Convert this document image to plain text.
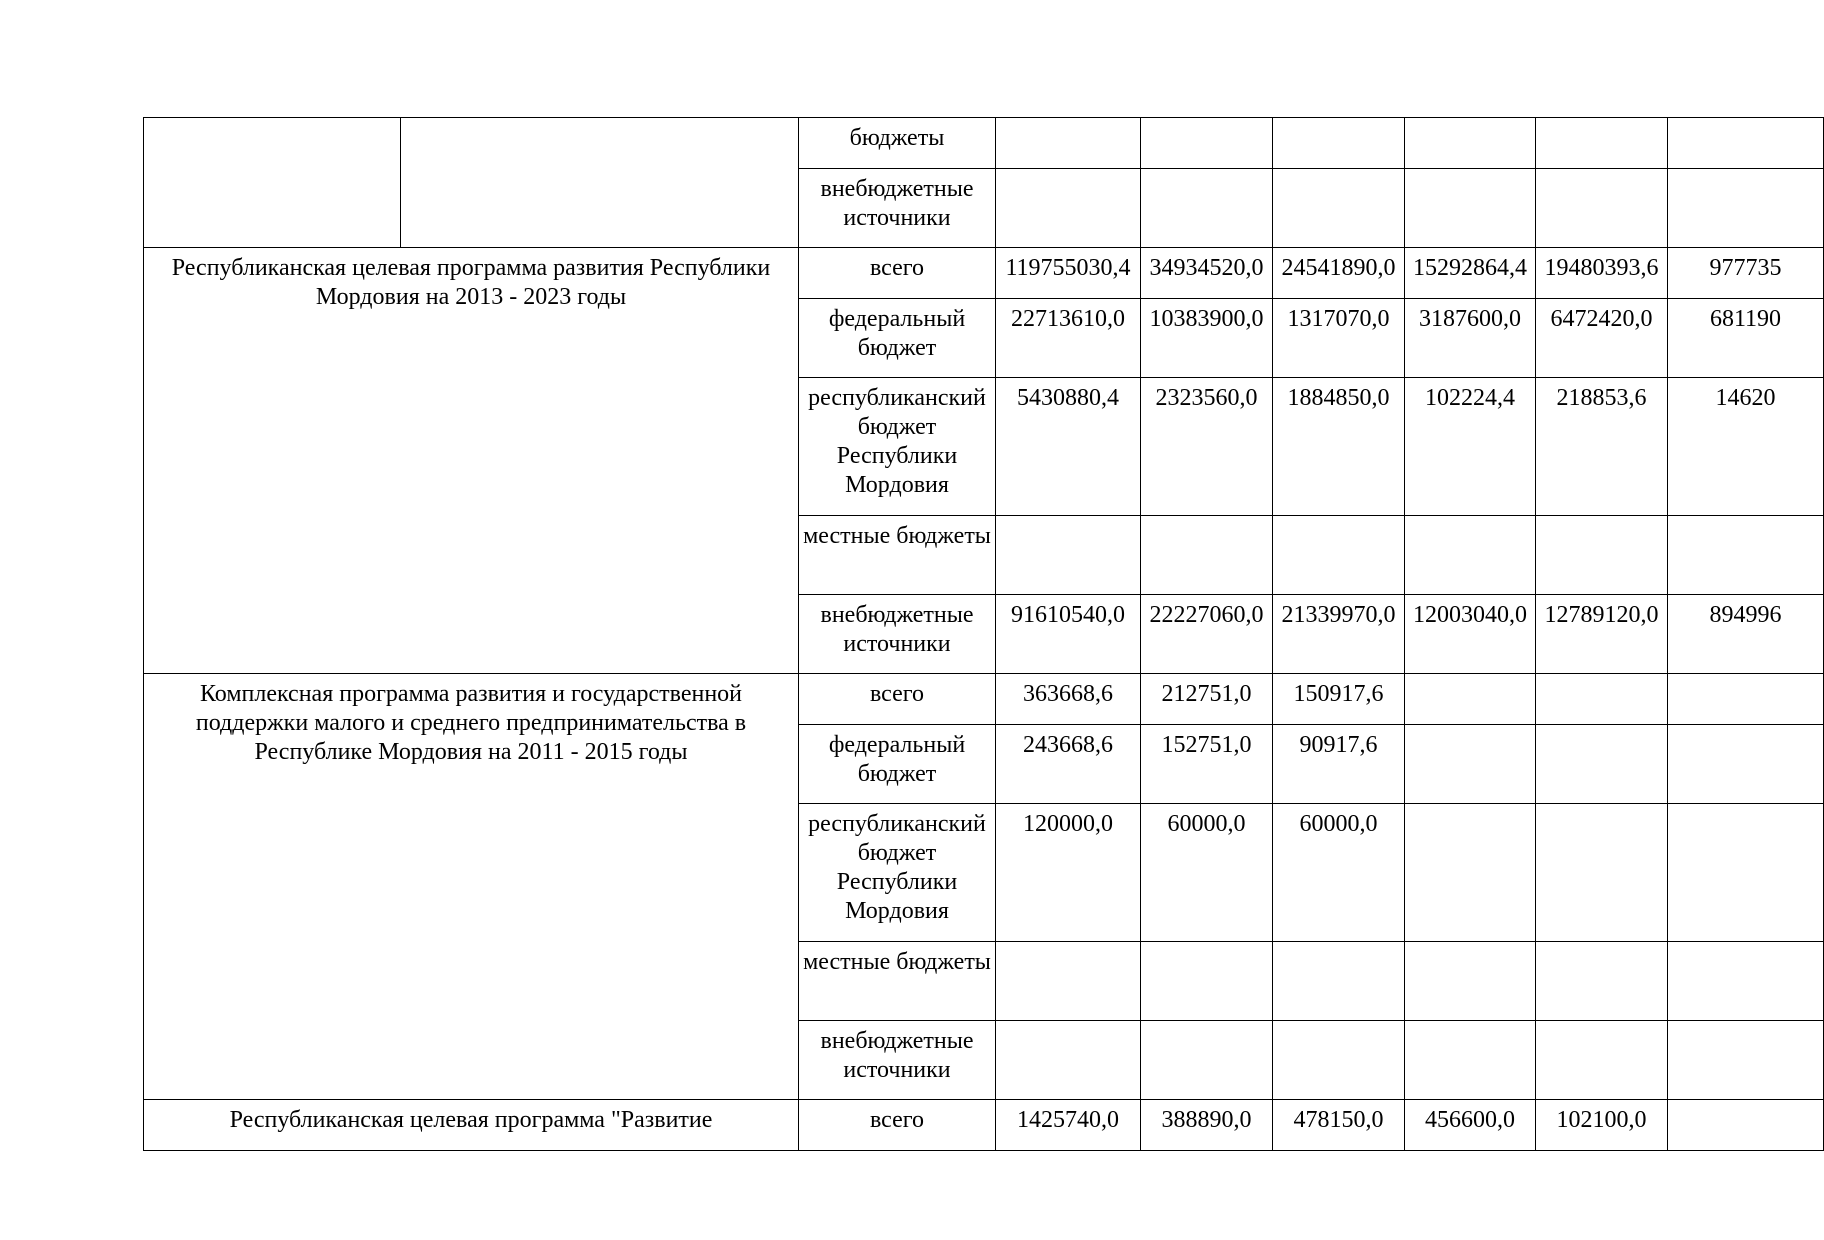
		бюджеты						
		внебюджетные источники						
Республиканская целевая программа развития Республики Мордовия на 2013 - 2023 годы		всего	119755030,4	34934520,0	24541890,0	15292864,4	19480393,6	977735
		федеральный бюджет	22713610,0	10383900,0	1317070,0	3187600,0	6472420,0	681190
		республиканский бюджет Республики Мордовия	5430880,4	2323560,0	1884850,0	102224,4	218853,6	14620
		местные бюджеты						
		внебюджетные источники	91610540,0	22227060,0	21339970,0	12003040,0	12789120,0	894996
Комплексная программа развития и государственной поддержки малого и среднего предпринимательства в Республике Мордовия на 2011 - 2015 годы		всего	363668,6	212751,0	150917,6			
		федеральный бюджет	243668,6	152751,0	90917,6			
		республиканский бюджет Республики Мордовия	120000,0	60000,0	60000,0			
		местные бюджеты						
		внебюджетные источники						
Республиканская целевая программа "Развитие		всего	1425740,0	388890,0	478150,0	456600,0	102100,0	
